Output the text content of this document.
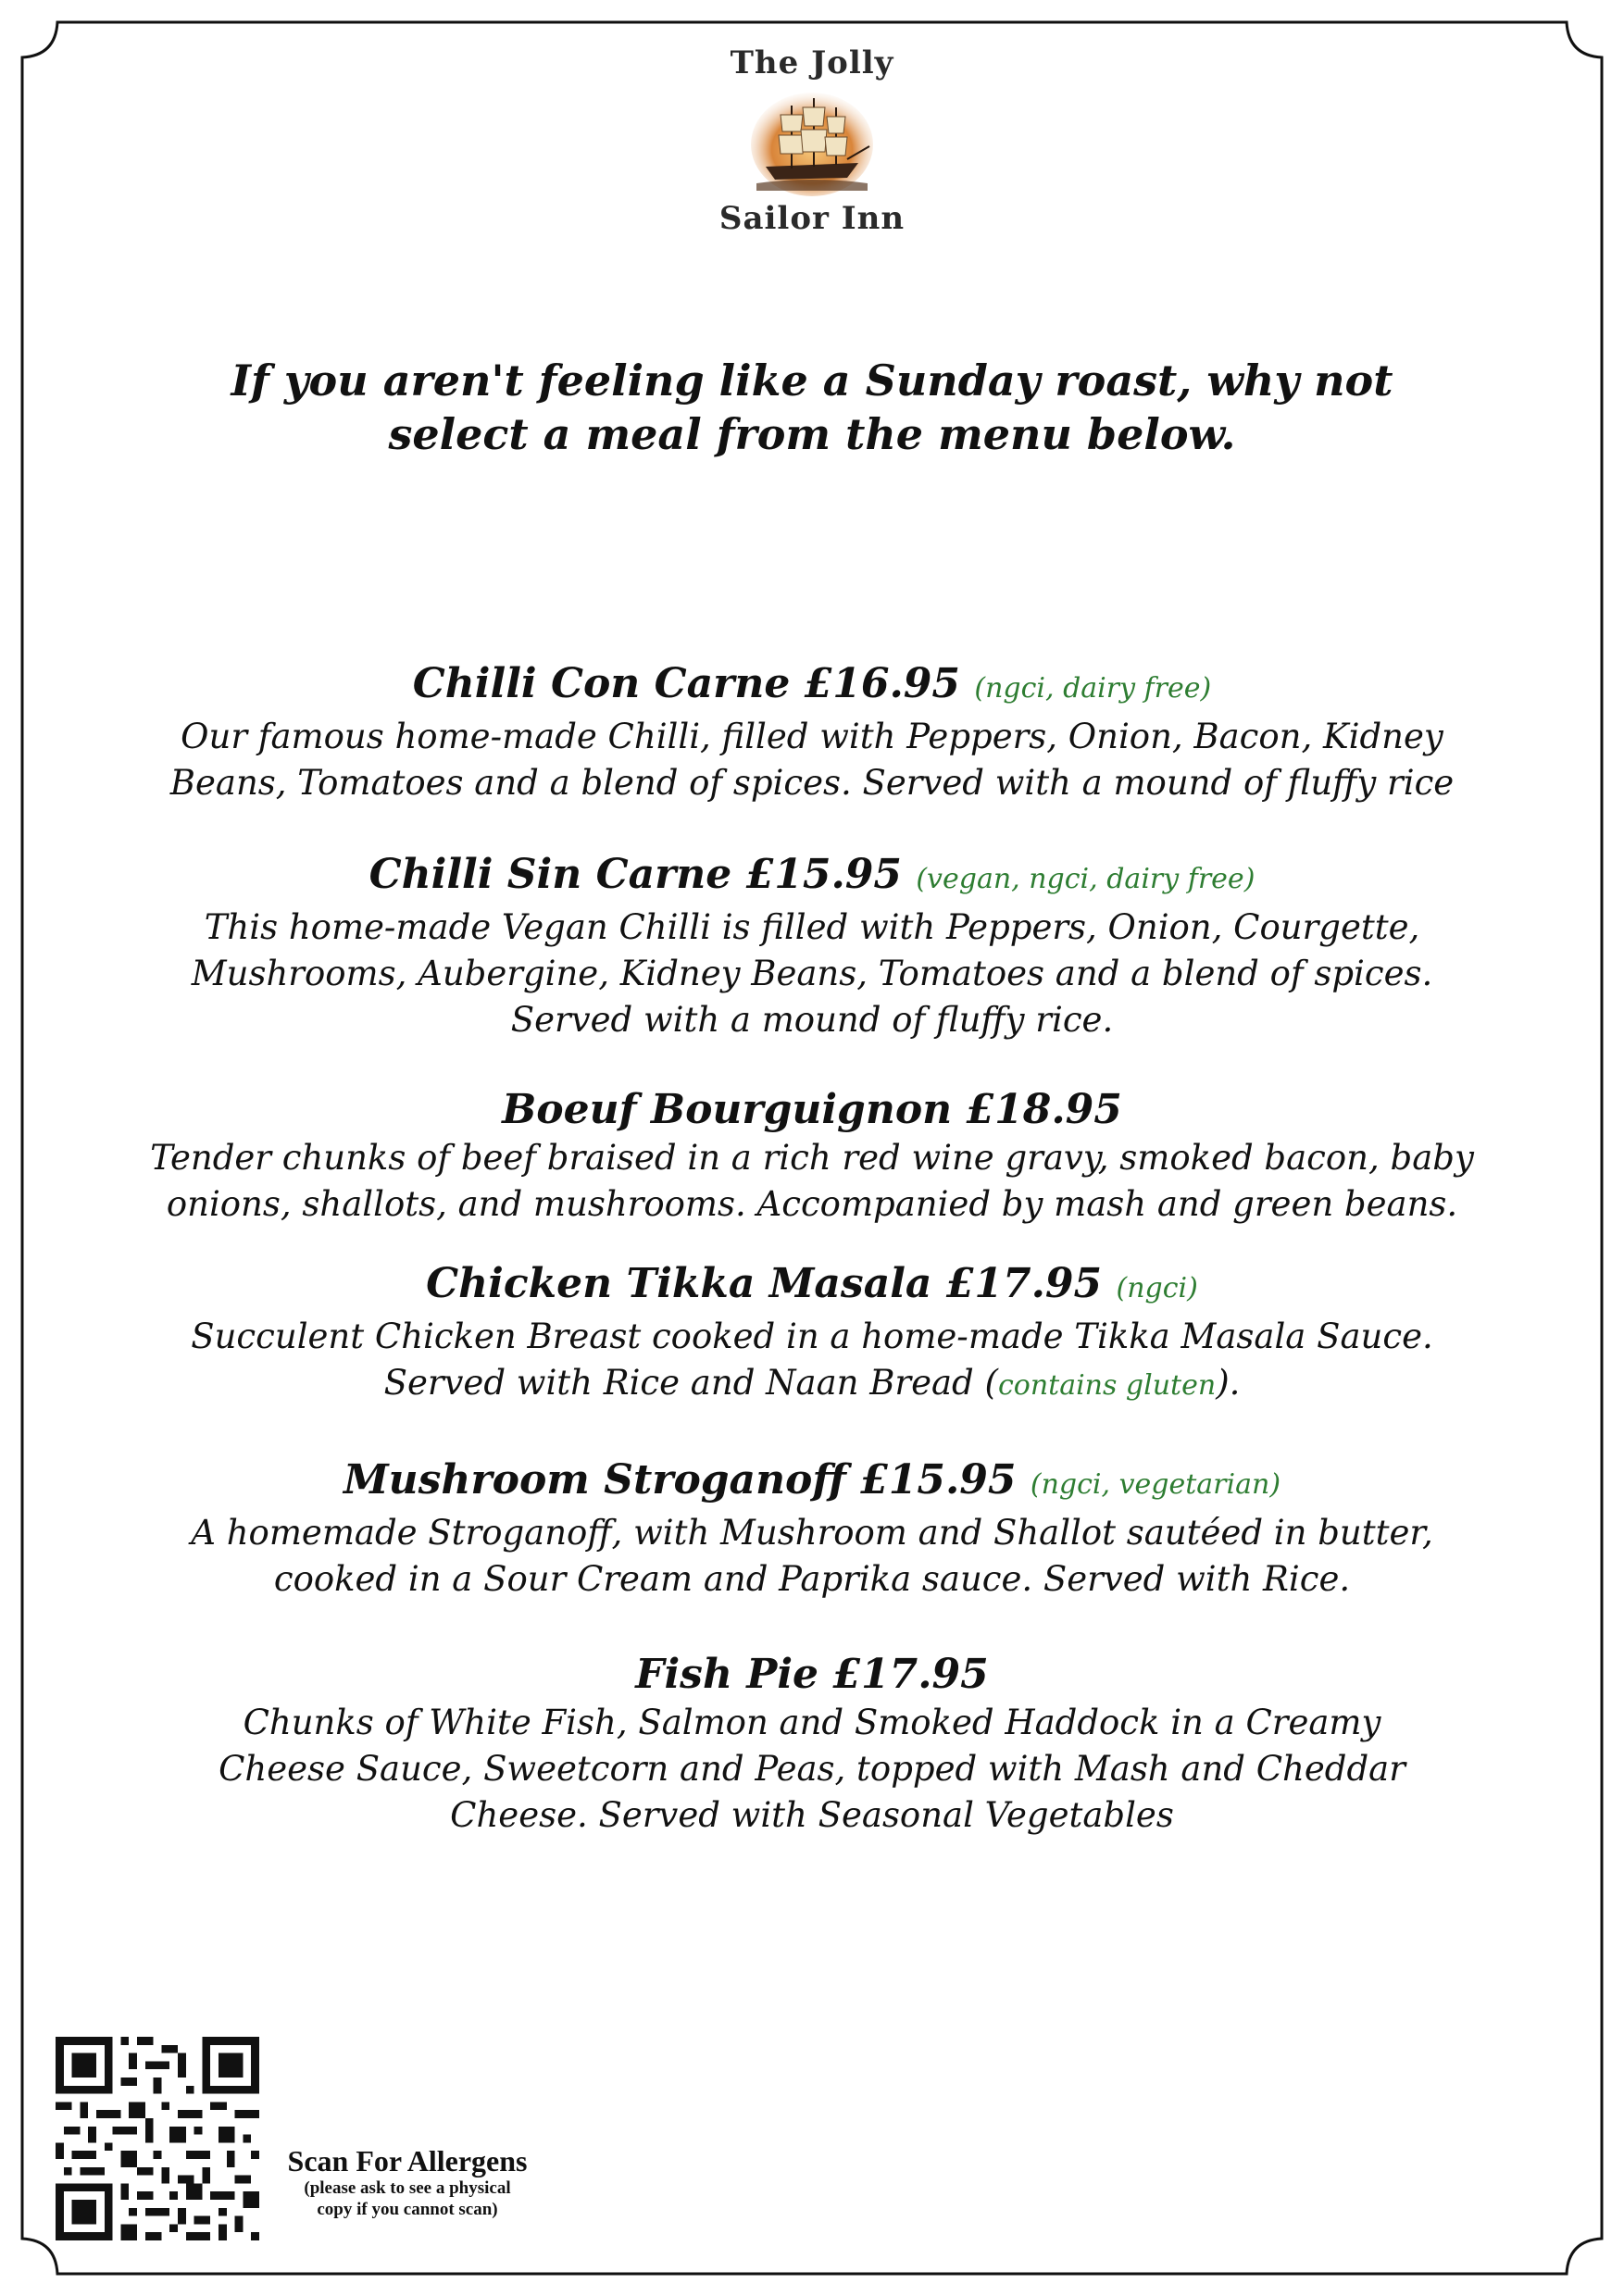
The Jolly
Sailor Inn
If you aren't feeling like a Sunday roast, why not
select a meal from the menu below.
Chilli Con Carne £16.95 (ngci, dairy free)
Our famous home-made Chilli, filled with Peppers, Onion, Bacon, Kidney
Beans, Tomatoes and a blend of spices. Served with a mound of fluffy rice
Chilli Sin Carne £15.95 (vegan, ngci, dairy free)
This home-made Vegan Chilli is filled with Peppers, Onion, Courgette,
Mushrooms, Aubergine, Kidney Beans, Tomatoes and a blend of spices.
Served with a mound of fluffy rice.
Boeuf Bourguignon £18.95
Tender chunks of beef braised in a rich red wine gravy, smoked bacon, baby
onions, shallots, and mushrooms. Accompanied by mash and green beans.
Chicken Tikka Masala £17.95 (ngci)
Succulent Chicken Breast cooked in a home-made Tikka Masala Sauce.
Served with Rice and Naan Bread (contains gluten).
Mushroom Stroganoff £15.95 (ngci, vegetarian)
A homemade Stroganoff, with Mushroom and Shallot sautéed in butter,
cooked in a Sour Cream and Paprika sauce. Served with Rice.
Fish Pie £17.95
Chunks of White Fish, Salmon and Smoked Haddock in a Creamy
Cheese Sauce, Sweetcorn and Peas, topped with Mash and Cheddar
Cheese. Served with Seasonal Vegetables
Scan For Allergens
(please ask to see a physical
copy if you cannot scan)
